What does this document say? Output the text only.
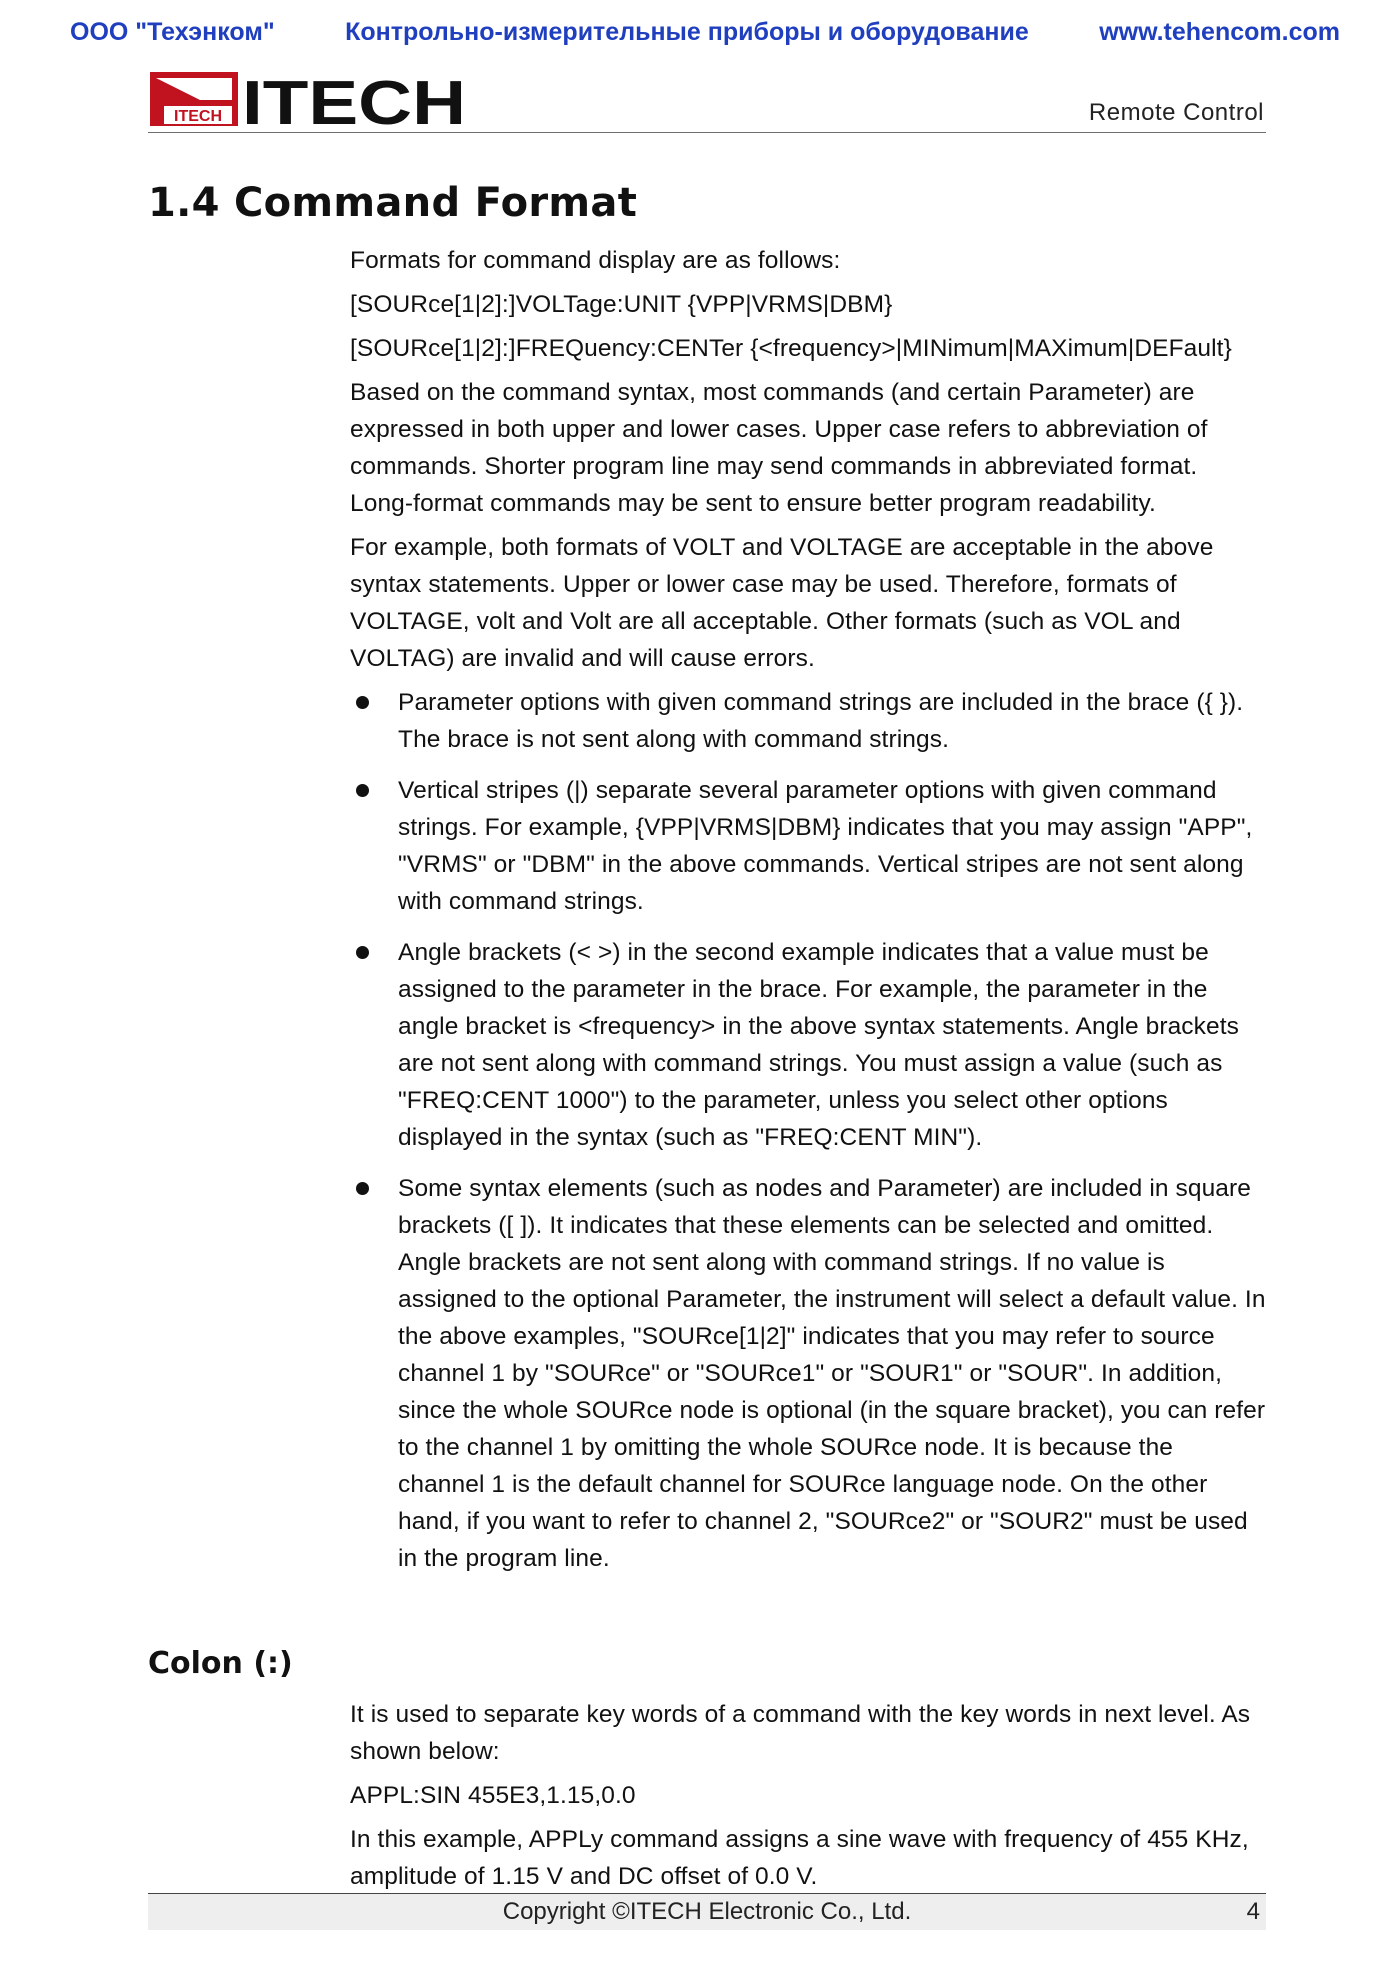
ООО "Техэнком"	Контрольно-измерительные приборы и оборудование	www.tehencom.com
ITECH ITECH	Remote Control
1.4 Command Format

Formats for command display are as follows:

[SOURce[1|2]:]VOLTage:UNIT {VPP|VRMS|DBM}

[SOURce[1|2]:]FREQuency:CENTer {<frequency>|MINimum|MAXimum|DEFault}

Based on the command syntax, most commands (and certain Parameter) are expressed in both upper and lower cases. Upper case refers to abbreviation of commands. Shorter program line may send commands in abbreviated format. Long-format commands may be sent to ensure better program readability.

For example, both formats of VOLT and VOLTAGE are acceptable in the above syntax statements. Upper or lower case may be used. Therefore, formats of VOLTAGE, volt and Volt are all acceptable. Other formats (such as VOL and VOLTAG) are invalid and will cause errors.

Parameter options with given command strings are included in the brace ({ }). The brace is not sent along with command strings.
Vertical stripes (|) separate several parameter options with given command strings. For example, {VPP|VRMS|DBM} indicates that you may assign "APP", "VRMS" or "DBM" in the above commands. Vertical stripes are not sent along with command strings.
Angle brackets (< >) in the second example indicates that a value must be assigned to the parameter in the brace. For example, the parameter in the angle bracket is <frequency> in the above syntax statements. Angle brackets are not sent along with command strings. You must assign a value (such as "FREQ:CENT 1000") to the parameter, unless you select other options displayed in the syntax (such as "FREQ:CENT MIN").
Some syntax elements (such as nodes and Parameter) are included in square brackets ([ ]). It indicates that these elements can be selected and omitted. Angle brackets are not sent along with command strings. If no value is assigned to the optional Parameter, the instrument will select a default value. In the above examples, "SOURce[1|2]" indicates that you may refer to source channel 1 by "SOURce" or "SOURce1" or "SOUR1" or "SOUR". In addition, since the whole SOURce node is optional (in the square bracket), you can refer to the channel 1 by omitting the whole SOURce node. It is because the channel 1 is the default channel for SOURce language node. On the other hand, if you want to refer to channel 2, "SOURce2" or "SOUR2" must be used in the program line.
Colon (:)

It is used to separate key words of a command with the key words in next level. As shown below:

APPL:SIN 455E3,1.15,0.0

In this example, APPLy command assigns a sine wave with frequency of 455 KHz, amplitude of 1.15 V and DC offset of 0.0 V.

Copyright ©ITECH Electronic Co., Ltd.	4
